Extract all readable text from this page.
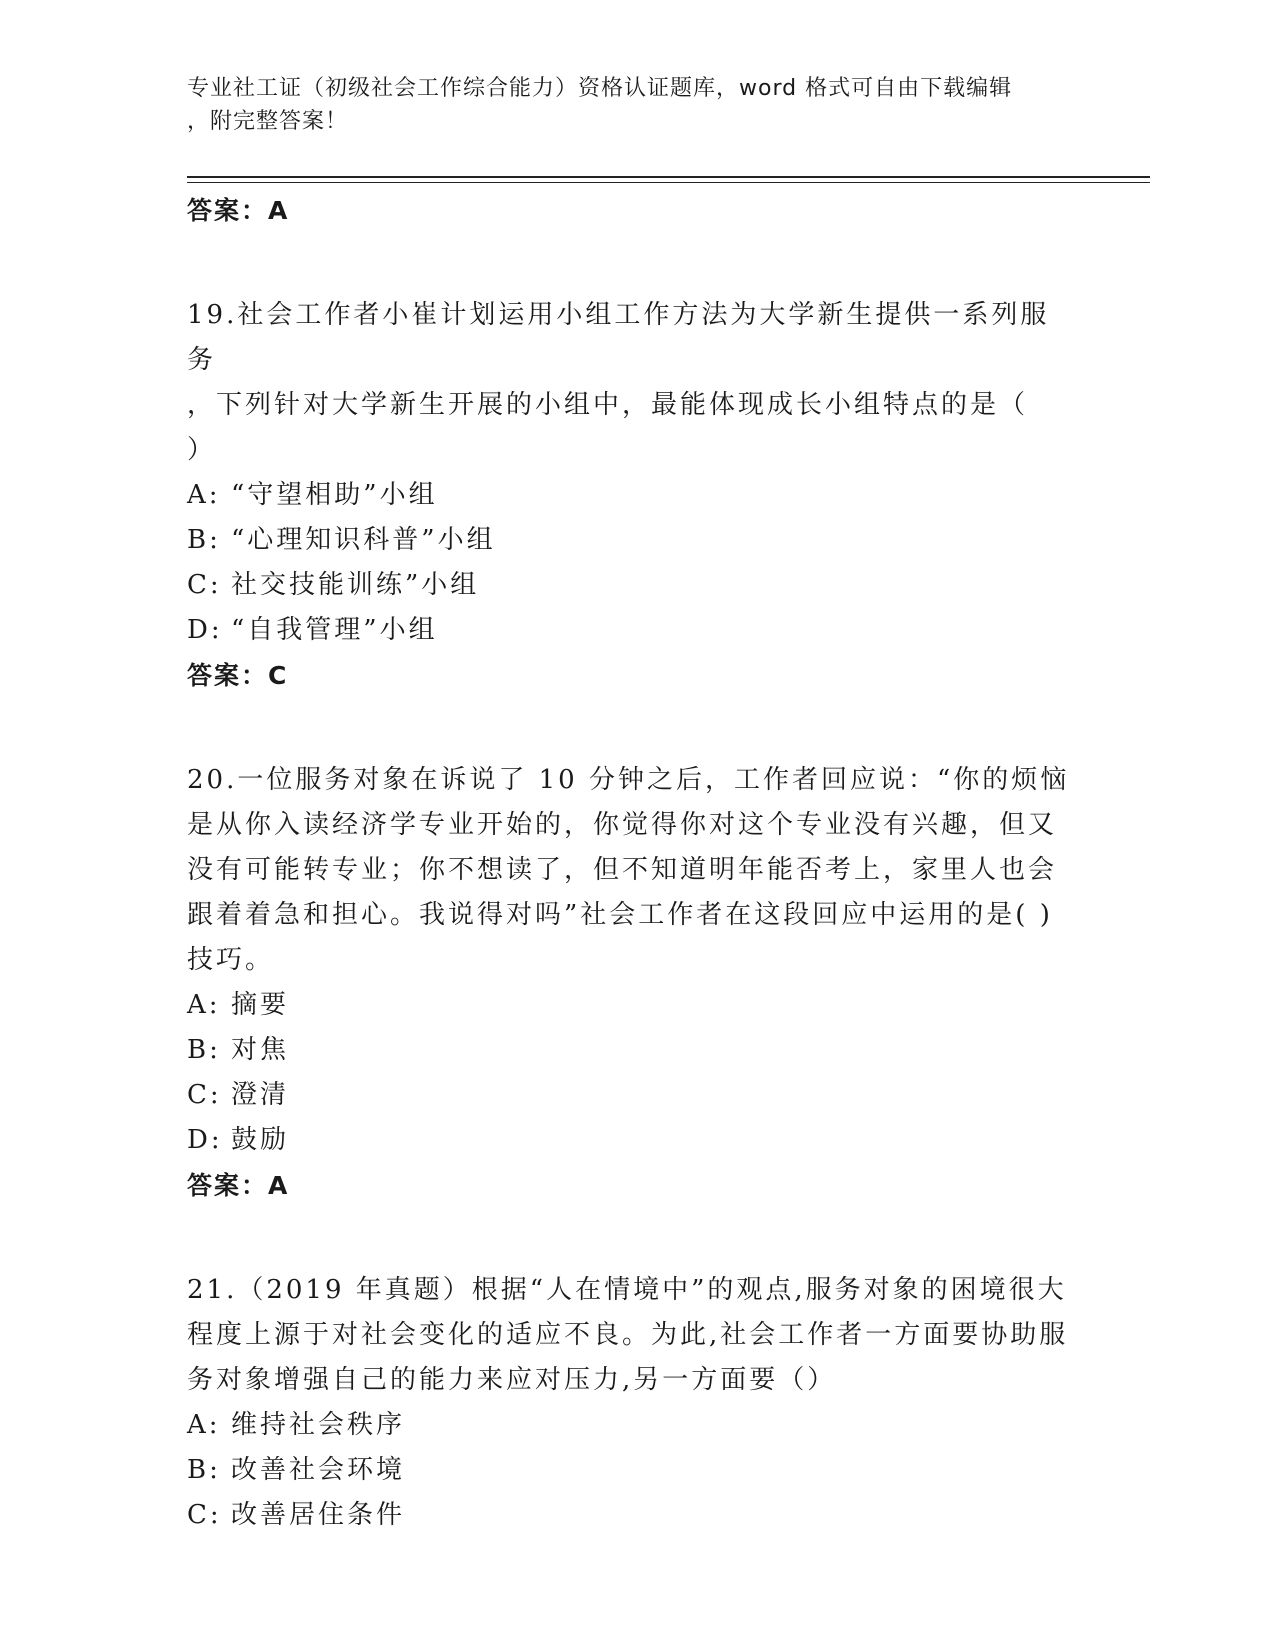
专业社工证（初级社会工作综合能力）资格认证题库，word 格式可自由下载编辑
，附完整答案！
答案：A
19.社会工作者小崔计划运用小组工作方法为大学新生提供一系列服务
，下列针对大学新生开展的小组中，最能体现成长小组特点的是（
）
A: “守望相助”小组
B: “心理知识科普”小组
C: 社交技能训练”小组
D: “自我管理”小组
答案：C
20.一位服务对象在诉说了 10 分钟之后，工作者回应说：“你的烦恼
是从你入读经济学专业开始的，你觉得你对这个专业没有兴趣，但又
没有可能转专业；你不想读了，但不知道明年能否考上，家里人也会
跟着着急和担心。我说得对吗”社会工作者在这段回应中运用的是( )
技巧。
A: 摘要
B: 对焦
C: 澄清
D: 鼓励
答案：A
21.（2019 年真题）根据“人在情境中”的观点,服务对象的困境很大
程度上源于对社会变化的适应不良。为此,社会工作者一方面要协助服
务对象增强自己的能力来应对压力,另一方面要（）
A: 维持社会秩序
B: 改善社会环境
C: 改善居住条件
